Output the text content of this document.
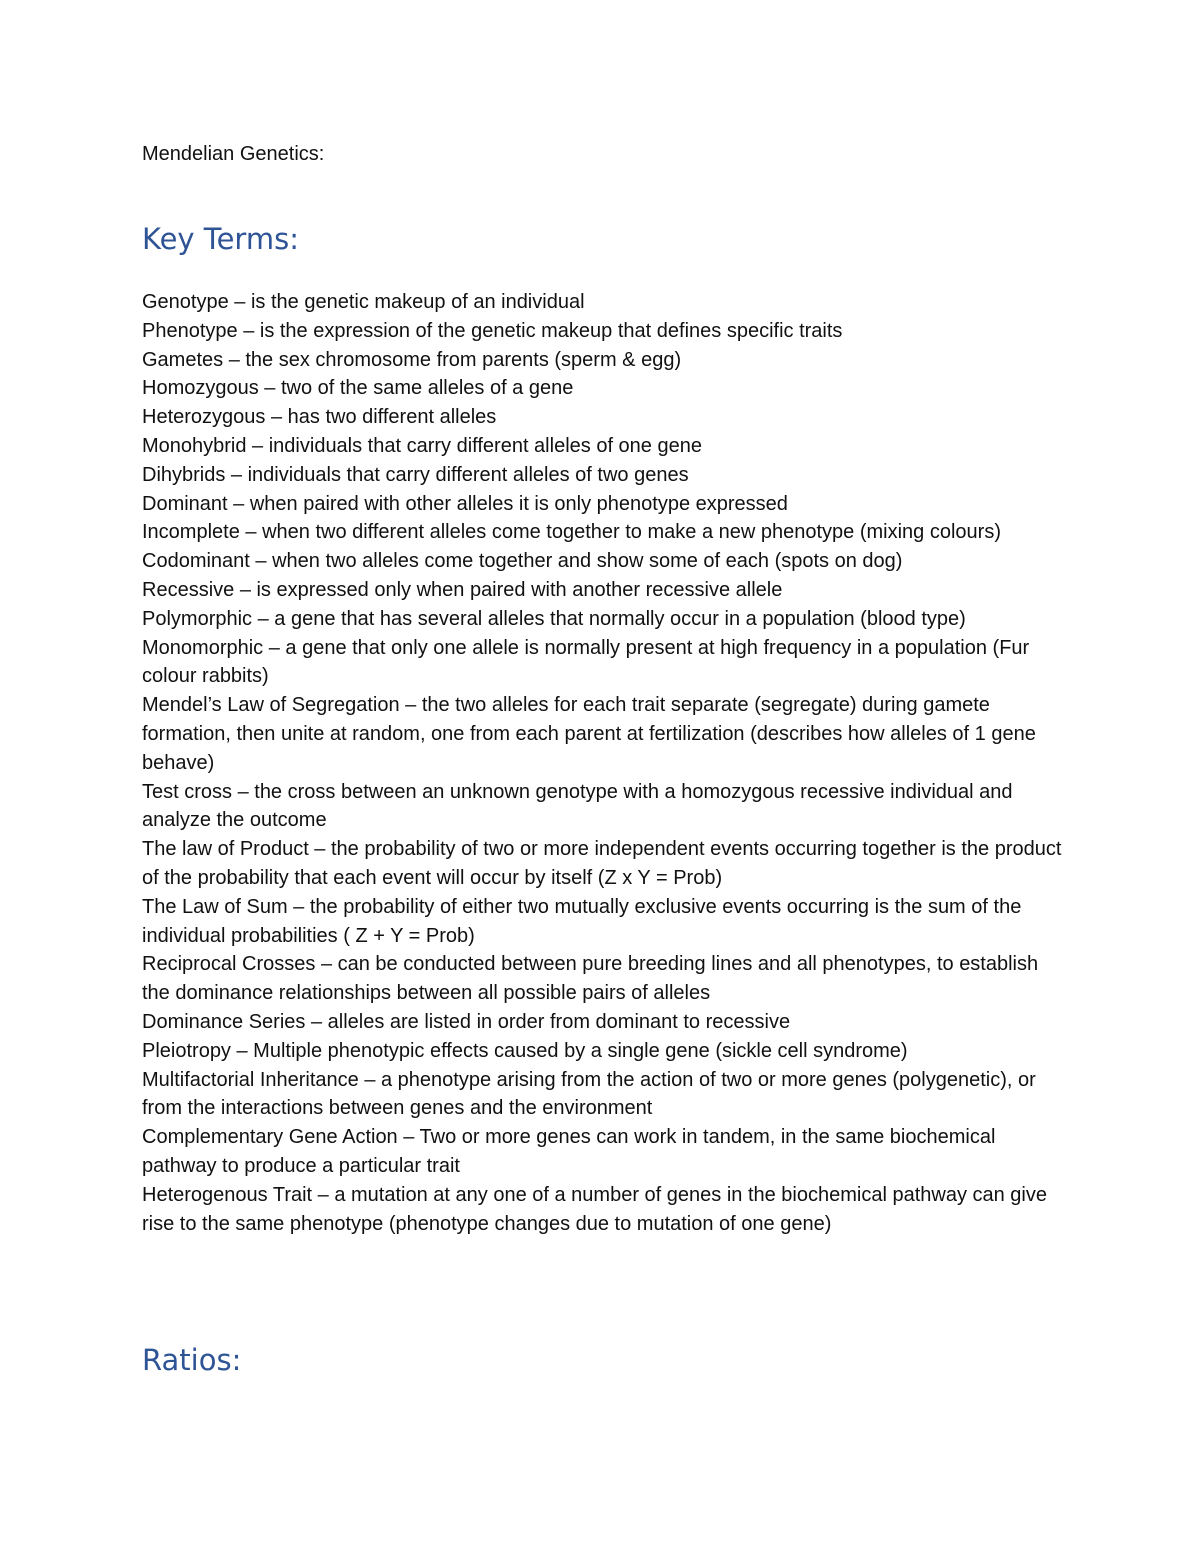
Mendelian Genetics:

Key Terms:
Genotype – is the genetic makeup of an individual
Phenotype – is the expression of the genetic makeup that defines specific traits
Gametes – the sex chromosome from parents (sperm & egg)
Homozygous – two of the same alleles of a gene
Heterozygous – has two different alleles
Monohybrid – individuals that carry different alleles of one gene
Dihybrids – individuals that carry different alleles of two genes
Dominant – when paired with other alleles it is only phenotype expressed
Incomplete – when two different alleles come together to make a new phenotype (mixing colours)
Codominant – when two alleles come together and show some of each (spots on dog)
Recessive – is expressed only when paired with another recessive allele
Polymorphic – a gene that has several alleles that normally occur in a population (blood type)
Monomorphic – a gene that only one allele is normally present at high frequency in a population (Fur colour rabbits)
Mendel’s Law of Segregation – the two alleles for each trait separate (segregate) during gamete formation, then unite at random, one from each parent at fertilization (describes how alleles of 1 gene behave)
Test cross – the cross between an unknown genotype with a homozygous recessive individual and analyze the outcome
The law of Product – the probability of two or more independent events occurring together is the product of the probability that each event will occur by itself (Z x Y = Prob)
The Law of Sum – the probability of either two mutually exclusive events occurring is the sum of the individual probabilities ( Z + Y = Prob)
Reciprocal Crosses – can be conducted between pure breeding lines and all phenotypes, to establish the dominance relationships between all possible pairs of alleles
Dominance Series – alleles are listed in order from dominant to recessive
Pleiotropy – Multiple phenotypic effects caused by a single gene (sickle cell syndrome)
Multifactorial Inheritance – a phenotype arising from the action of two or more genes (polygenetic), or from the interactions between genes and the environment
Complementary Gene Action – Two or more genes can work in tandem, in the same biochemical pathway to produce a particular trait
Heterogenous Trait – a mutation at any one of a number of genes in the biochemical pathway can give rise to the same phenotype (phenotype changes due to mutation of one gene)
Ratios:
